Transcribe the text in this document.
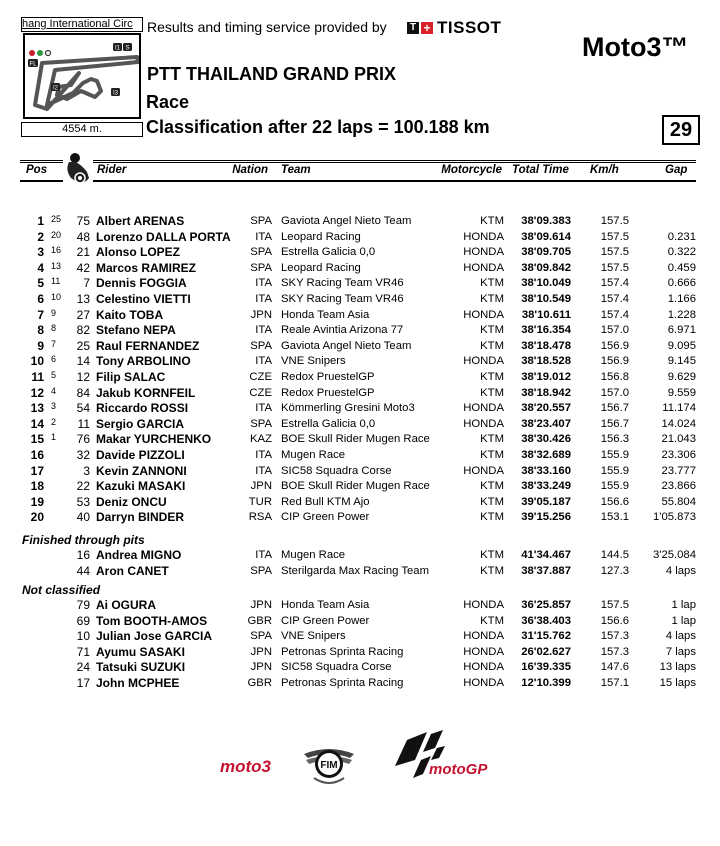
hang International Circ
I1 S
FL
I2
I3
4554 m.
Results and timing service provided by T + TISSOT
Moto3™
PTT THAILAND GRAND PRIX
Race
Classification after 22 laps = 100.188 km	29
Pos	Rider	Nation Team	Motorcycle Total Time Km/h	Gap
1 25 75 Albert ARENAS	SPA Gaviota Angel Nieto Team	KTM 38'09.383	157.5
2 20 48 Lorenzo DALLA PORTA ITA Leopard Racing	HONDA 38'09.614	157.5	0.231
3 16 21 Alonso LOPEZ	SPA Estrella Galicia 0,0	HONDA 38'09.705	157.5	0.322
4 13 42 Marcos RAMIREZ	SPA Leopard Racing	HONDA 38'09.842	157.5	0.459
5 11 7 Dennis FOGGIA	ITA SKY Racing Team VR46	KTM 38'10.049	157.4	0.666
6 10 13 Celestino VIETTI	ITA SKY Racing Team VR46	KTM 38'10.549	157.4	1.166
7 9 27 Kaito TOBA	JPN Honda Team Asia	HONDA 38'10.611	157.4	1.228
8 8 82 Stefano NEPA	ITA Reale Avintia Arizona 77	KTM 38'16.354	157.0	6.971
9 7 25 Raul FERNANDEZ	SPA Gaviota Angel Nieto Team	KTM 38'18.478	156.9	9.095
10 6 14 Tony ARBOLINO	ITA VNE Snipers	HONDA 38'18.528	156.9	9.145
11 5 12 Filip SALAC	CZE Redox PruestelGP	KTM 38'19.012	156.8	9.629
12 4 84 Jakub KORNFEIL	CZE Redox PruestelGP	KTM 38'18.942	157.0	9.559
13 3 54 Riccardo ROSSI	ITA Kömmerling Gresini Moto3	HONDA 38'20.557	156.7	11.174
14 2 11 Sergio GARCIA	SPA Estrella Galicia 0,0	HONDA 38'23.407	156.7	14.024
15 1 76 Makar YURCHENKO	KAZ BOE Skull Rider Mugen Race	KTM 38'30.426	156.3	21.043
16	32 Davide PIZZOLI	ITA Mugen Race	KTM 38'32.689	155.9	23.306
17	3 Kevin ZANNONI	ITA SIC58 Squadra Corse	HONDA 38'33.160	155.9	23.777
18	22 Kazuki MASAKI	JPN BOE Skull Rider Mugen Race	KTM 38'33.249	155.9	23.866
19	53 Deniz ONCU	TUR Red Bull KTM Ajo	KTM 39'05.187	156.6	55.804
20	40 Darryn BINDER	RSA CIP Green Power	KTM 39'15.256	153.1 1'05.873
Finished through pits
16 Andrea MIGNO	ITA Mugen Race	KTM 41'34.467	144.5 3'25.084
44 Aron CANET	SPA Sterilgarda Max Racing Team	KTM 38'37.887	127.3	4 laps
Not classified
79 Ai OGURA	JPN Honda Team Asia	HONDA 36'25.857	157.5	1 lap
69 Tom BOOTH-AMOS	GBR CIP Green Power	KTM 36'38.403	156.6	1 lap
10 Julian Jose GARCIA	SPA VNE Snipers	HONDA 31'15.762	157.3	4 laps
71 Ayumu SASAKI	JPN Petronas Sprinta Racing	HONDA 26'02.627	157.3	7 laps
24 Tatsuki SUZUKI	JPN SIC58 Squadra Corse	HONDA 16'39.335	147.6	13 laps
17 John MCPHEE	GBR Petronas Sprinta Racing	HONDA 12'10.399	157.1	15 laps
moto3	FIM	motoGP
